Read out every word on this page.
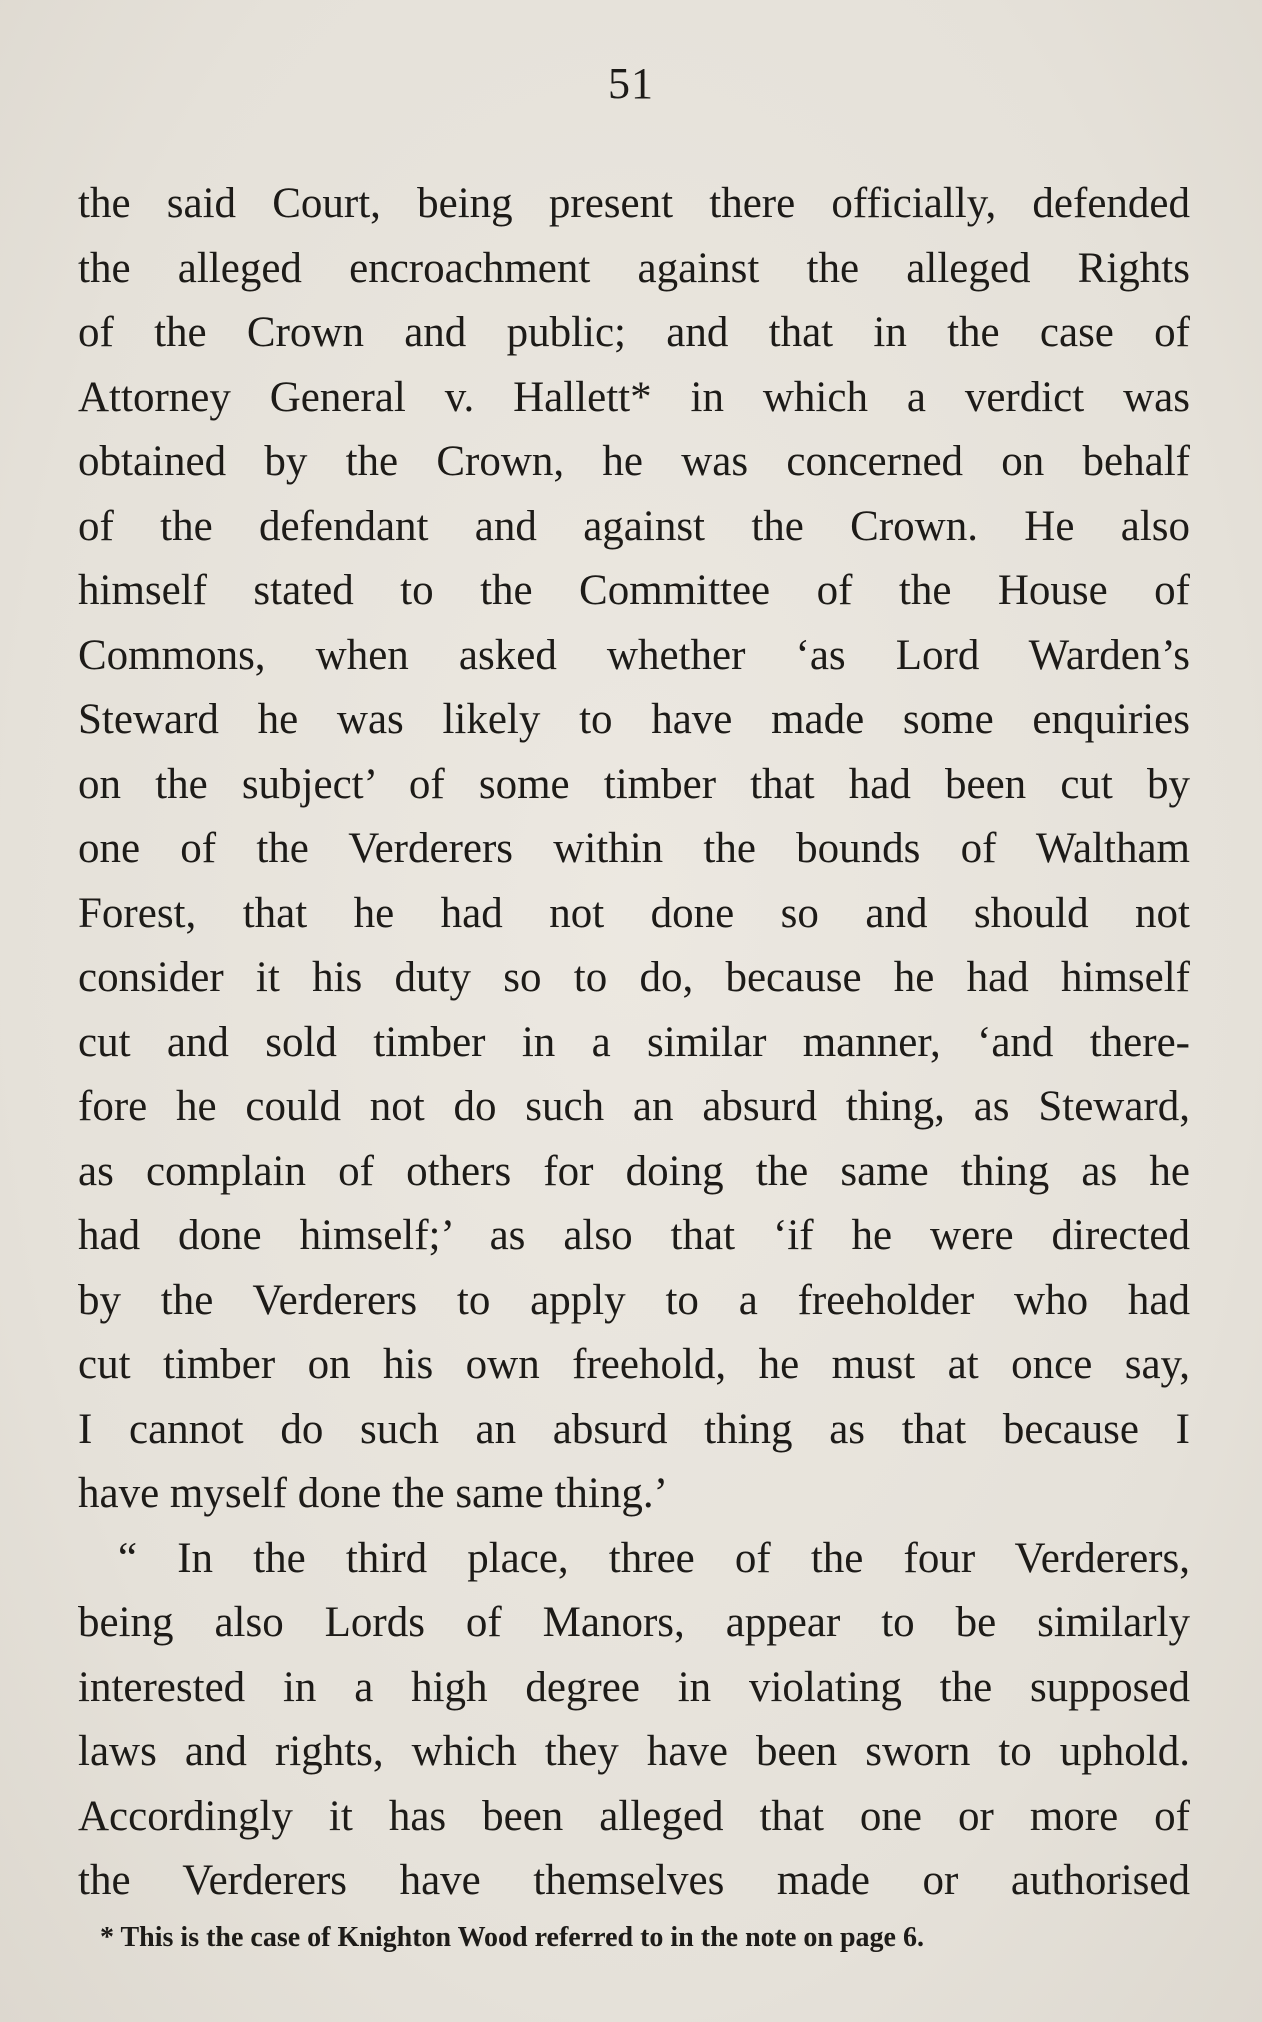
51
the said Court, being present there officially, defended
the alleged encroachment against the alleged Rights
of the Crown and public; and that in the case of
Attorney General v. Hallett* in which a verdict was
obtained by the Crown, he was concerned on behalf
of the defendant and against the Crown. He also
himself stated to the Committee of the House of
Commons, when asked whether ‘as Lord Warden’s
Steward he was likely to have made some enquiries
on the subject’ of some timber that had been cut by
one of the Verderers within the bounds of Waltham
Forest, that he had not done so and should not
consider it his duty so to do, because he had himself
cut and sold timber in a similar manner, ‘and there-
fore he could not do such an absurd thing, as Steward,
as complain of others for doing the same thing as he
had done himself;’ as also that ‘if he were directed
by the Verderers to apply to a freeholder who had
cut timber on his own freehold, he must at once say,
I cannot do such an absurd thing as that because I
have myself done the same thing.’
“ In the third place, three of the four Verderers,
being also Lords of Manors, appear to be similarly
interested in a high degree in violating the supposed
laws and rights, which they have been sworn to uphold.
Accordingly it has been alleged that one or more of
the Verderers have themselves made or authorised
* This is the case of Knighton Wood referred to in the note on page 6.
